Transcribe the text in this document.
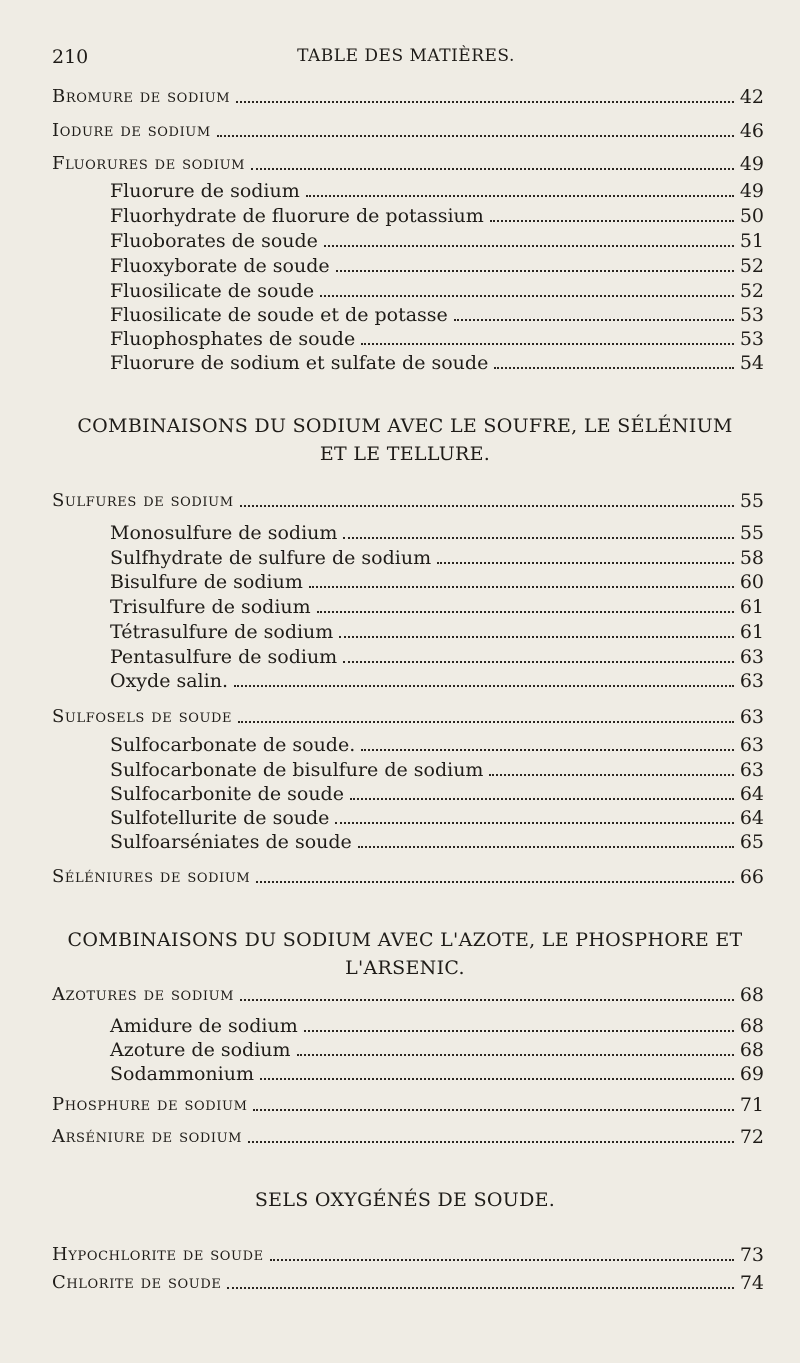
210	TABLE DES MATIÈRES.
Bromure de sodium	42
Iodure de sodium	46
Fluorures de sodium	49
Fluorure de sodium	49
Fluorhydrate de fluorure de potassium	50
Fluoborates de soude	51
Fluoxyborate de soude	52
Fluosilicate de soude	52
Fluosilicate de soude et de potasse	53
Fluophosphates de soude	53
Fluorure de sodium et sulfate de soude	54
COMBINAISONS DU SODIUM AVEC LE SOUFRE, LE SÉLÉNIUM
ET LE TELLURE.
Sulfures de sodium	55
Monosulfure de sodium	55
Sulfhydrate de sulfure de sodium	58
Bisulfure de sodium	60
Trisulfure de sodium	61
Tétrasulfure de sodium	61
Pentasulfure de sodium	63
Oxyde salin.	63
Sulfosels de soude	63
Sulfocarbonate de soude.	63
Sulfocarbonate de bisulfure de sodium	63
Sulfocarbonite de soude	64
Sulfotellurite de soude	64
Sulfoarséniates de soude	65
Séléniures de sodium	66
COMBINAISONS DU SODIUM AVEC L'AZOTE, LE PHOSPHORE ET L'ARSENIC.
Azotures de sodium	68
Amidure de sodium	68
Azoture de sodium	68
Sodammonium	69
Phosphure de sodium	71
Arséniure de sodium	72
SELS OXYGÉNÉS DE SOUDE.
Hypochlorite de soude	73
Chlorite de soude	74
